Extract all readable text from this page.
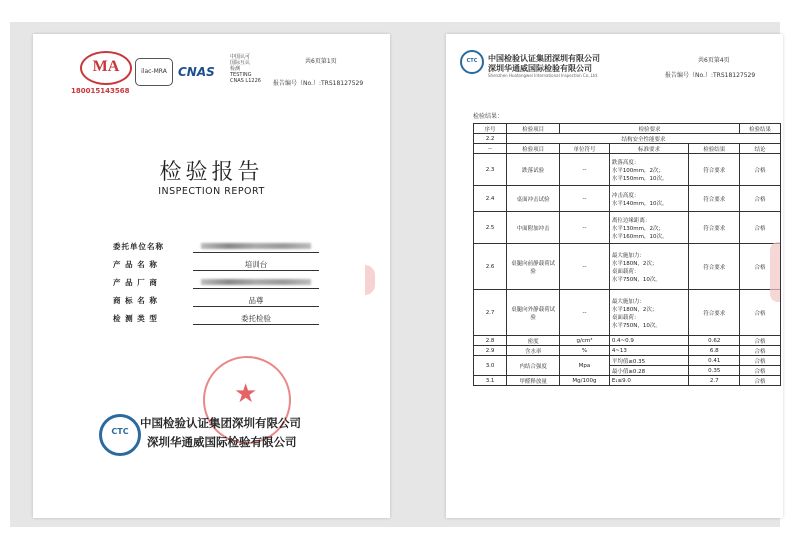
MA
180015143568
ilac-MRA CNAS
中国认可
国际互认
检测
TESTING
CNAS L1226
共6页第1页
报告编号（No.）:TRS18127529
检验报告
INSPECTION REPORT
委托单位名称
产 品 名 称	培训台
产 品 厂 商
商 标 名 称	品尊
检 测 类 型	委托检验
★
CTC
中国检验认证集团深圳有限公司
深圳华通威国际检验有限公司
CTC	中国检验认证集团深圳有限公司
深圳华通威国际检验有限公司
Shenzhen Huatongwei International Inspection Co.,Ltd.
共6页第4页
报告编号（No.）:TRS18127529
检验结果：
序号	检验项目	检验要求			检验结果
2.2	结构安全性能要求				
--	检验项目	单位符号	标准要求	检验结果	结论
2.3	跌落试验	--	跌落高度：
水平100mm，2次；
水平150mm，10次。	符合要求	合格
2.4	桌面冲击试验	--	冲击高度：
水平140mm，10次。	符合要求	合格
2.5	中面附加冲击	--	离位边缘距离：
水平130mm，2次；
水平160mm，10次。	符合要求	合格
2.6	桌腿向前静载荷试验	--	最大施加力：
水平180N，2次；
桌面载荷：
水平750N，10次。	符合要求	合格
2.7	桌腿向外静载荷试验	--	最大施加力：
水平180N，2次；
桌面载荷：
水平750N，10次。	符合要求	合格
2.8	密度	g/cm³	0.4~0.9	0.62	合格
2.9	含水率	%	4~13	6.8	合格
3.0	内结合强度	Mpa	平均值≥0.35	0.41	合格
			最小值≥0.28	0.35	合格
3.1	甲醛释放量	Mg/100g	E₁≤9.0	2.7	合格
